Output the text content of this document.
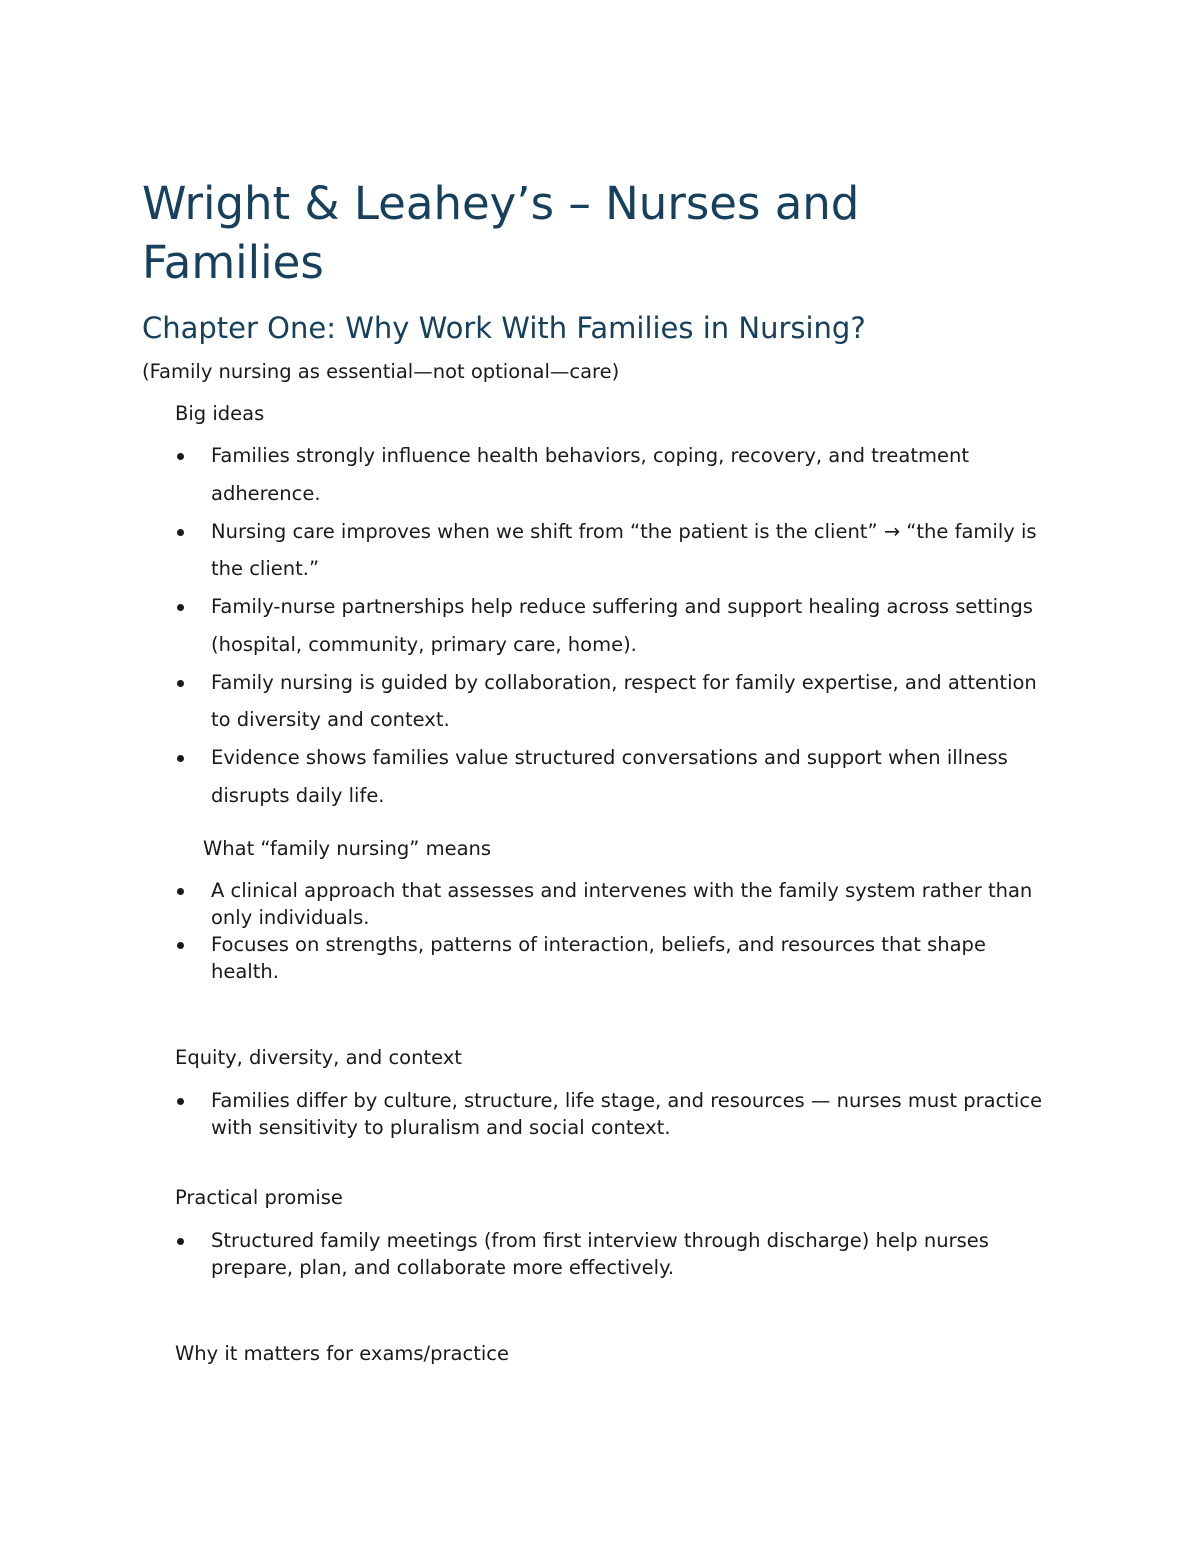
Wright & Leahey’s – Nurses and Families
Chapter One: Why Work With Families in Nursing?

(Family nursing as essential—not optional—care)

Big ideas

Families strongly influence health behaviors, coping, recovery, and treatment adherence.
Nursing care improves when we shift from “the patient is the client” → “the family is the client.”
Family-nurse partnerships help reduce suffering and support healing across settings (hospital, community, primary care, home).
Family nursing is guided by collaboration, respect for family expertise, and attention to diversity and context.
Evidence shows families value structured conversations and support when illness disrupts daily life.

What “family nursing” means

A clinical approach that assesses and intervenes with the family system rather than only individuals.
Focuses on strengths, patterns of interaction, beliefs, and resources that shape health.

Equity, diversity, and context

Families differ by culture, structure, life stage, and resources — nurses must practice with sensitivity to pluralism and social context.

Practical promise

Structured family meetings (from first interview through discharge) help nurses prepare, plan, and collaborate more effectively.

Why it matters for exams/practice
